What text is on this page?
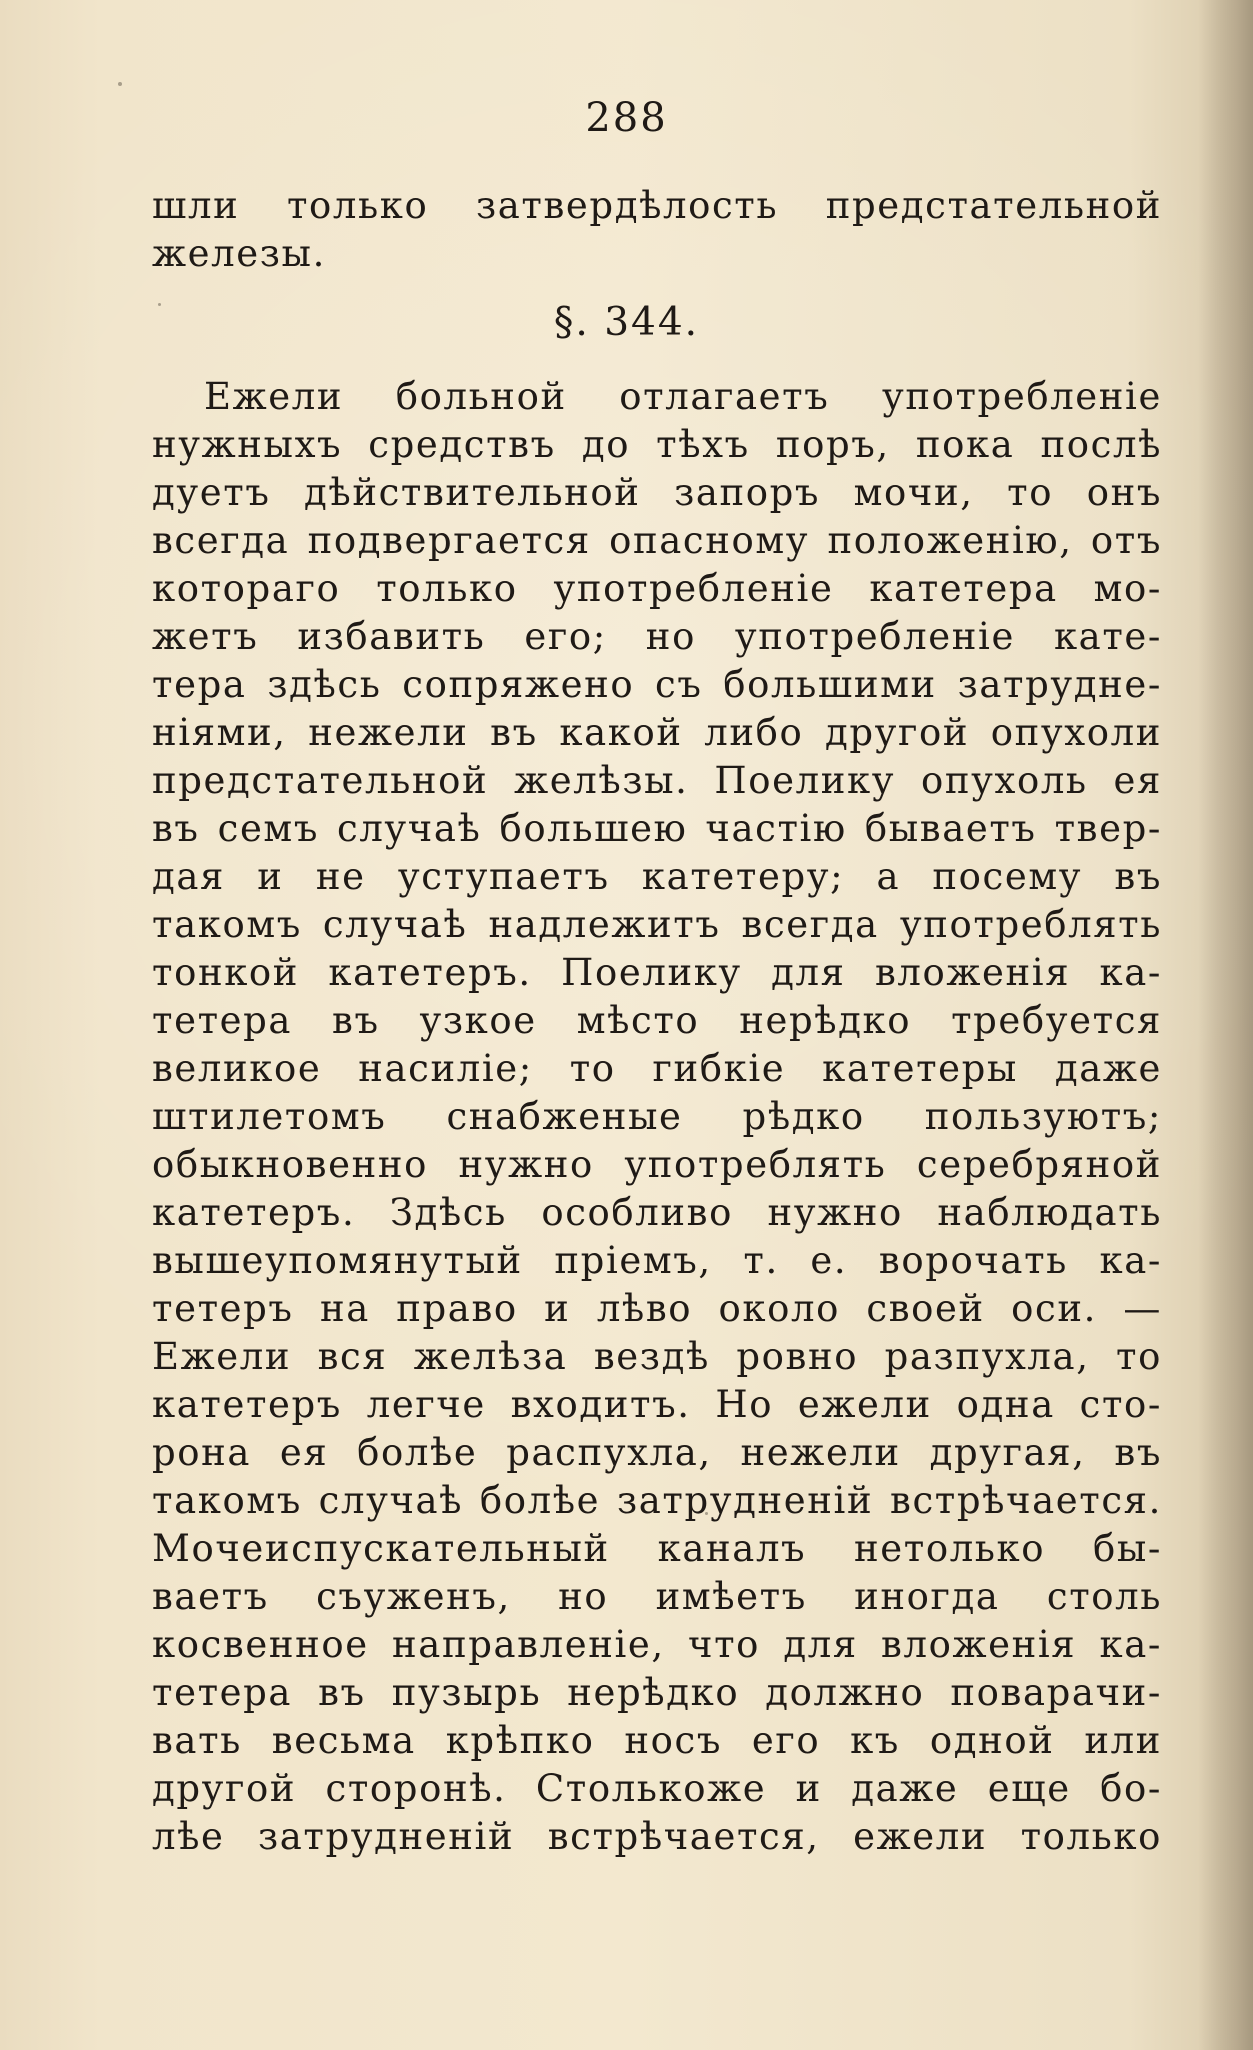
288
шли только затвердѣлость предстательной
железы.
§. 344.
Ежели больной отлагаетъ употребленіе
нужныхъ средствъ до тѣхъ поръ, пока послѣ
дуетъ дѣйствительной запоръ мочи, то онъ
всегда подвергается опасному положенію, отъ
котораго только употребленіе катетера мо-
жетъ избавить его; но употребленіе кате-
тера здѣсь сопряжено съ большими затрудне-
ніями, нежели въ какой либо другой опухоли
предстательной желѣзы. Поелику опухоль ея
въ семъ случаѣ большею частію бываетъ твер-
дая и не уступаетъ катетеру; а посему въ
такомъ случаѣ надлежитъ всегда употреблять
тонкой катетеръ. Поелику для вложенія ка-
тетера въ узкое мѣсто нерѣдко требуется
великое насиліе; то гибкіе катетеры даже
штилетомъ снабженые рѣдко пользуютъ;
обыкновенно нужно употреблять серебряной
катетеръ. Здѣсь особливо нужно наблюдать
вышеупомянутый пріемъ, т. е. ворочать ка-
тетеръ на право и лѣво около своей оси. —
Ежели вся желѣза вездѣ ровно разпухла, то
катетеръ легче входитъ. Но ежели одна сто-
рона ея болѣе распухла, нежели другая, въ
такомъ случаѣ болѣе затрудненій встрѣчается.
Мочеиспускательный каналъ нетолько бы-
ваетъ съуженъ, но имѣетъ иногда столь
косвенное направленіе, что для вложенія ка-
тетера въ пузырь нерѣдко должно поварачи-
вать весьма крѣпко носъ его къ одной или
другой сторонѣ. Столькоже и даже еще бо-
лѣе затрудненій встрѣчается, ежели только
